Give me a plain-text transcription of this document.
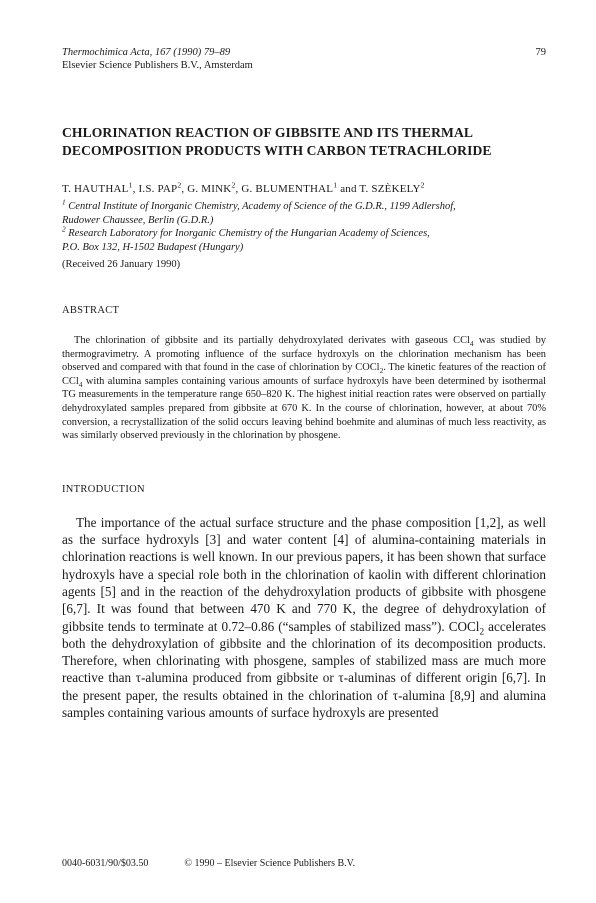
Thermochimica Acta, 167 (1990) 79–89
Elsevier Science Publishers B.V., Amsterdam
79
CHLORINATION REACTION OF GIBBSITE AND ITS THERMAL
DECOMPOSITION PRODUCTS WITH CARBON TETRACHLORIDE
T. HAUTHAL$^1$, I.S. PAP$^2$, G. MINK$^2$, G. BLUMENTHAL$^1$ and T. SZÈKELY$^2$
$^1$ Central Institute of Inorganic Chemistry, Academy of Science of the G.D.R., 1199 Adlershof,
Rudower Chaussee, Berlin (G.D.R.)
$^2$ Research Laboratory for Inorganic Chemistry of the Hungarian Academy of Sciences,
P.O. Box 132, H-1502 Budapest (Hungary)
(Received 26 January 1990)
ABSTRACT
The chlorination of gibbsite and its partially dehydroxylated derivates with gaseous CCl$_4$ was studied by thermogravimetry. A promoting influence of the surface hydroxyls on the chlorination mechanism has been observed and compared with that found in the case of chlorination by COCl$_2$. The kinetic features of the reaction of CCl$_4$ with alumina samples containing various amounts of surface hydroxyls have been determined by isothermal TG measurements in the temperature range 650–820 K. The highest initial reaction rates were observed on partially dehydroxylated samples prepared from gibbsite at 670 K. In the course of chlorination, however, at about 70% conversion, a recrystallization of the solid occurs leaving behind boehmite and aluminas of much less reactivity, as was similarly observed previously in the chlorination by phosgene.
INTRODUCTION
The importance of the actual surface structure and the phase composition [1,2], as well as the surface hydroxyls [3] and water content [4] of alumina-containing materials in chlorination reactions is well known. In our previous papers, it has been shown that surface hydroxyls have a special role both in the chlorination of kaolin with different chlorination agents [5] and in the reaction of the dehydroxylation products of gibbsite with phosgene [6,7]. It was found that between 470 K and 770 K, the degree of dehydroxylation of gibbsite tends to terminate at 0.72–0.86 (“samples of stabilized mass”). COCl$_2$ accelerates both the dehydroxylation of gibbsite and the chlorination of its decomposition products. Therefore, when chlorinating with phosgene, samples of stabilized mass are much more reactive than τ-alumina produced from gibbsite or τ-aluminas of different origin [6,7]. In the present paper, the results obtained in the chlorination of τ-alumina [8,9] and alumina samples containing various amounts of surface hydroxyls are presented
0040-6031/90/$03.50	© 1990 – Elsevier Science Publishers B.V.
